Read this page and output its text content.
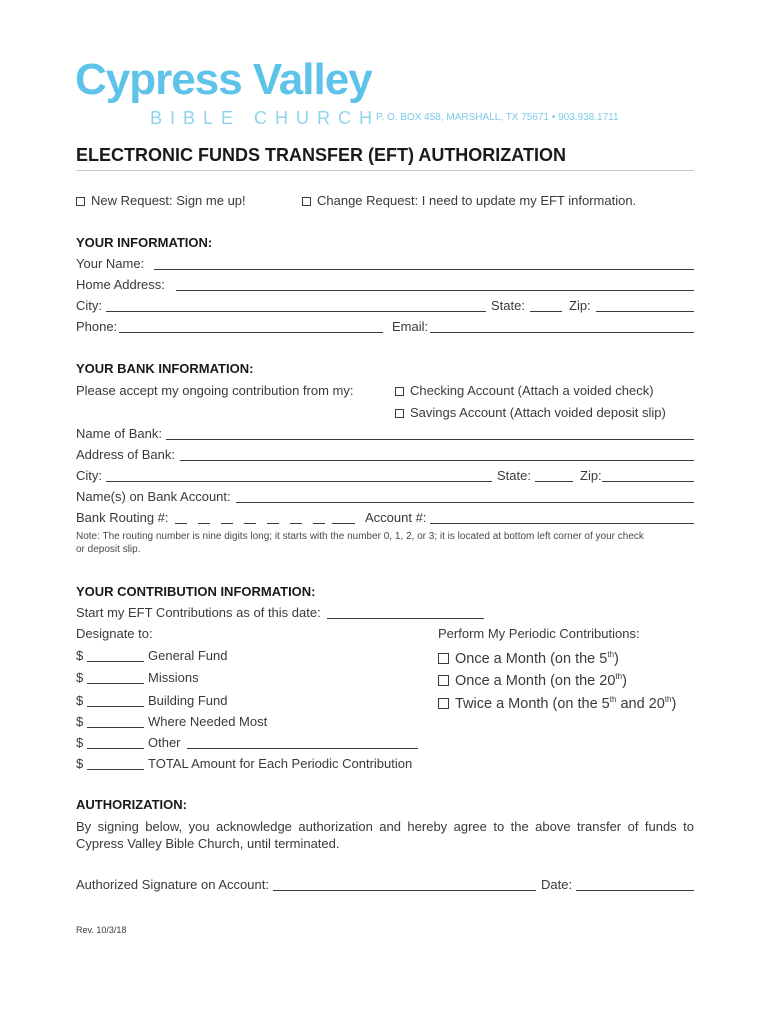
Cypress Valley
BIBLE CHURCH
P. O. BOX 458, MARSHALL, TX 75671 • 903.938.1711
ELECTRONIC FUNDS TRANSFER (EFT) AUTHORIZATION
New Request: Sign me up!	Change Request: I need to update my EFT information.
YOUR INFORMATION:
Your Name:
Home Address:
City:	State:	Zip:
Phone:	Email:
YOUR BANK INFORMATION:
Please accept my ongoing contribution from my:	Checking Account (Attach a voided check)
Savings Account (Attach voided deposit slip)
Name of Bank:
Address of Bank:
City:	State:	Zip:
Name(s) on Bank Account:
Bank Routing #:	Account #:
Note: The routing number is nine digits long; it starts with the number 0, 1, 2, or 3; it is located at bottom left corner of your check
or deposit slip.
YOUR CONTRIBUTION INFORMATION:
Start my EFT Contributions as of this date:
Designate to:	Perform My Periodic Contributions:
$	General Fund
$	Missions
$	Building Fund
$	Where Needed Most
$	Other
$	TOTAL Amount for Each Periodic Contribution
Once a Month (on the 5th)
Once a Month (on the 20th)
Twice a Month (on the 5th and 20th)
AUTHORIZATION:
By signing below, you acknowledge authorization and hereby agree to the above transfer of funds to
Cypress Valley Bible Church, until terminated.
Authorized Signature on Account:	Date:
Rev. 10/3/18
